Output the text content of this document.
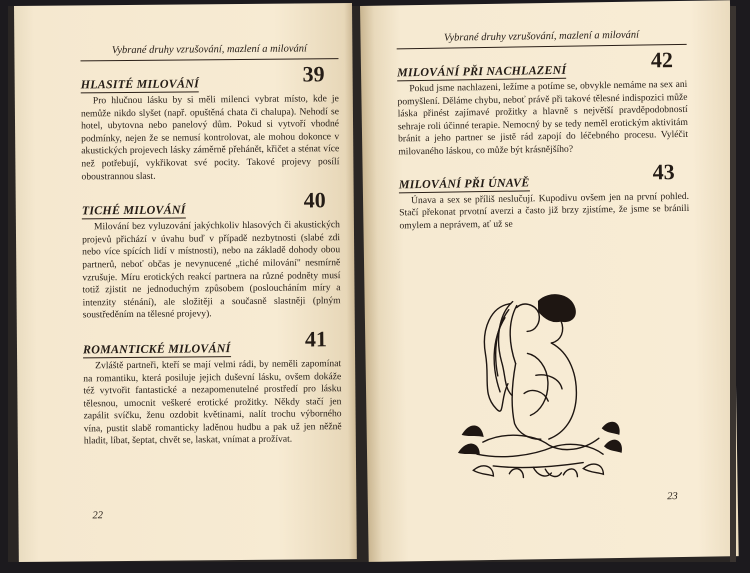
Vybrané druhy vzrušování, mazlení a milování
HLASITÉ MILOVÁNÍ	39

Pro hlučnou lásku by si měli milenci vybrat místo, kde je nemůže nikdo slyšet (např. opuštěná chata či chalupa). Nehodí se hotel, ubytovna nebo panelový dům. Pokud si vytvoří vhodné podmínky, nejen že se nemusí kontrolovat, ale mohou dokonce v akustických projevech lásky záměrně přehánět, křičet a sténat více než potřebují, vykřikovat své pocity. Takové projevy posílí oboustrannou slast.

TICHÉ MILOVÁNÍ	40

Milování bez vyluzování jakýchkoliv hlasových či akustických projevů přichází v úvahu buď v případě nezbytnosti (slabé zdi nebo více spících lidí v místnosti), nebo na základě dohody obou partnerů, neboť občas je nevynucené „tiché milování" nesmírně vzrušuje. Míru erotických reakcí partnera na různé podněty musí totiž zjistit ne jednoduchým způsobem (posloucháním míry a intenzity sténání), ale složitěji a současně slastněji (plným soustředěním na tělesné projevy).

ROMANTICKÉ MILOVÁNÍ	41

Zvláště partneři, kteří se mají velmi rádi, by neměli zapomínat na romantiku, která posiluje jejich duševní lásku, ovšem dokáže též vytvořit fantastické a nezapomenutelné prostředí pro lásku tělesnou, umocnit veškeré erotické prožitky. Někdy stačí jen zapálit svíčku, ženu ozdobit květinami, nalít trochu výborného vína, pustit slabě romanticky laděnou hudbu a pak už jen něžně hladit, líbat, šeptat, chvět se, laskat, vnímat a prožívat.

22
Vybrané druhy vzrušování, mazlení a milování
MILOVÁNÍ PŘI NACHLAZENÍ	42

Pokud jsme nachlazeni, ležíme a potíme se, obvykle nemáme na sex ani pomyšlení. Děláme chybu, neboť právě při takové tělesné indispozici může láska přinést zajímavé prožitky a hlavně s největší pravděpodobností sehraje roli účinné terapie. Nemocný by se tedy neměl erotickým aktivitám bránit a jeho partner se jistě rád zapojí do léčebného procesu. Vyléčit milovaného láskou, co může být krásnějšího?

MILOVÁNÍ PŘI ÚNAVĚ	43

Únava a sex se příliš neslučují. Kupodivu ovšem jen na první pohled. Stačí překonat prvotní averzi a často již brzy zjistíme, že jsme se bránili omylem a neprávem, ať už se

23
